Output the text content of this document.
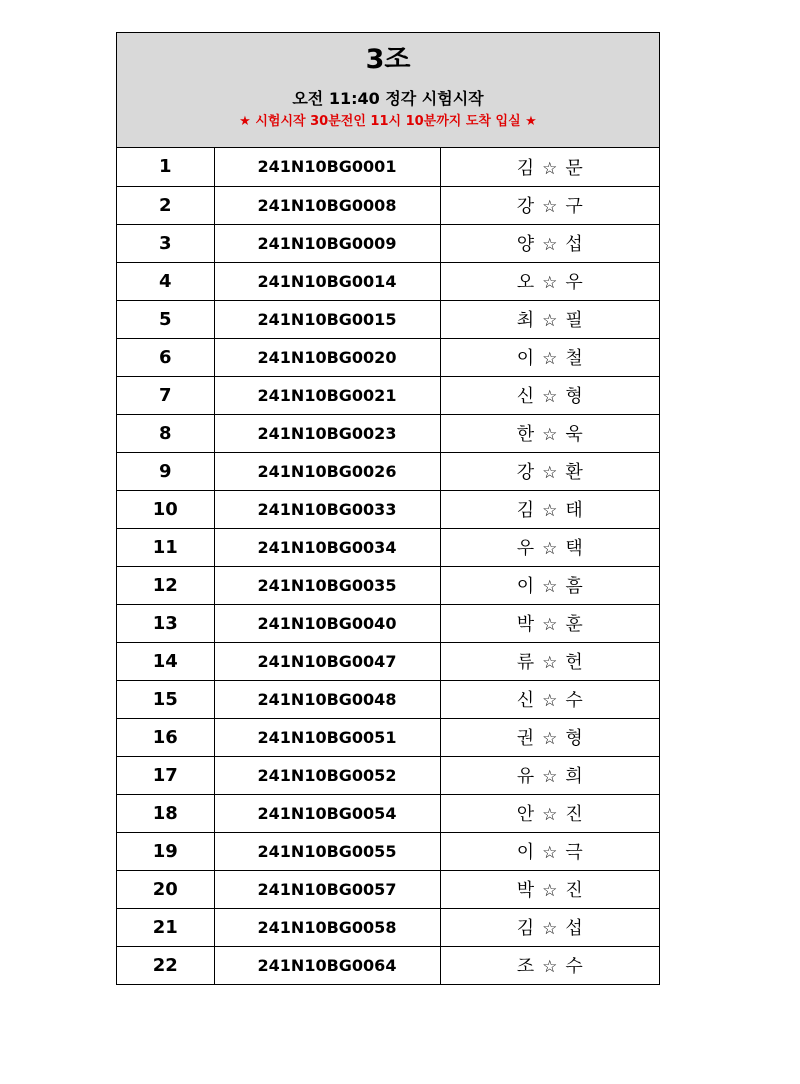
3조
오전 11:40 정각 시험시작
★ 시험시작 30분전인 11시 10분까지 도착 입실 ★
1	241N10BG0001	김 ☆ 문
2	241N10BG0008	강 ☆ 구
3	241N10BG0009	양 ☆ 섭
4	241N10BG0014	오 ☆ 우
5	241N10BG0015	최 ☆ 필
6	241N10BG0020	이 ☆ 철
7	241N10BG0021	신 ☆ 형
8	241N10BG0023	한 ☆ 욱
9	241N10BG0026	강 ☆ 환
10	241N10BG0033	김 ☆ 태
11	241N10BG0034	우 ☆ 택
12	241N10BG0035	이 ☆ 흠
13	241N10BG0040	박 ☆ 훈
14	241N10BG0047	류 ☆ 헌
15	241N10BG0048	신 ☆ 수
16	241N10BG0051	권 ☆ 형
17	241N10BG0052	유 ☆ 희
18	241N10BG0054	안 ☆ 진
19	241N10BG0055	이 ☆ 극
20	241N10BG0057	박 ☆ 진
21	241N10BG0058	김 ☆ 섭
22	241N10BG0064	조 ☆ 수
